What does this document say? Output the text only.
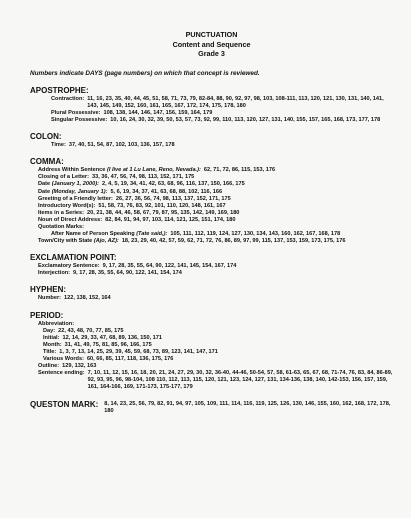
PUNCTUATION
Content and Sequence
Grade 3
Numbers indicate DAYS (page numbers) on which that concept is reviewed.
APOSTROPHE:
Contraction: 11, 16, 23, 35, 40, 44, 45, 51, 58, 71, 73, 79, 82-84, 88, 90, 92, 97, 98, 103, 108-111, 113, 120, 121, 130, 131, 140, 141, 143, 145, 149, 152, 160, 161, 165, 167, 172, 174, 175, 178, 180
Plural Possessive: 108, 138, 144, 146, 147, 156, 159, 164, 179
Singular Possessive: 10, 16, 24, 30, 32, 39, 50, 53, 57, 73, 92, 99, 110, 113, 120, 127, 131, 140, 155, 157, 165, 168, 173, 177, 178
COLON:
Time: 37, 40, 51, 54, 87, 102, 103, 136, 157, 178
COMMA:
Address Within Sentence (I live at 1 Lu Lane, Reno, Nevada.): 62, 71, 72, 86, 115, 153, 176
Closing of a Letter: 33, 36, 47, 56, 74, 98, 113, 152, 171, 175
Date (January 1, 2000): 2, 4, 5, 19, 34, 41, 42, 63, 68, 96, 116, 137, 150, 166, 175
Date (Monday, January 1): 5, 6, 19, 34, 37, 41, 63, 68, 88, 102, 116, 166
Greeting of a Friendly letter: 26, 27, 36, 56, 74, 98, 113, 137, 152, 171, 175
Introductory Word(s): 51, 58, 73, 76, 83, 92, 101, 110, 120, 148, 161, 167
Items in a Series: 20, 21, 38, 44, 46, 58, 67, 79, 87, 95, 135, 142, 149, 169, 180
Noun of Direct Address: 82, 84, 91, 94, 97, 103, 114, 121, 125, 151, 174, 180
Quotation Marks:
After Name of Person Speaking (Tate said,): 105, 111, 112, 119, 124, 127, 130, 134, 143, 160, 162, 167, 168, 178
Town/City with State (Ajo, AZ): 18, 23, 29, 40, 42, 57, 59, 62, 71, 72, 76, 86, 89, 97, 99, 115, 137, 153, 159, 173, 175, 176
EXCLAMATION POINT:
Exclamatory Sentence: 9, 17, 28, 35, 55, 64, 90, 122, 141, 145, 154, 167, 174
Interjection: 9, 17, 28, 35, 55, 64, 90, 122, 141, 154, 174
HYPHEN:
Number: 122, 138, 152, 164
PERIOD:
Abbreviation:
Day: 22, 43, 48, 70, 77, 85, 175
Initial: 12, 14, 29, 33, 47, 68, 89, 136, 150, 171
Month: 31, 41, 49, 75, 81, 85, 96, 166, 175
Title: 1, 3, 7, 13, 14, 25, 29, 39, 45, 59, 68, 73, 89, 123, 141, 147, 171
Various Words: 60, 66, 85, 117, 118, 136, 175, 176
Outline: 129, 132, 163
Sentence ending: 7, 10, 11, 12, 15, 16, 18, 20, 21, 24, 27, 29, 30, 32, 36-40, 44-46, 50-54, 57, 58, 61-63, 65, 67, 68, 71-74, 76, 83, 84, 86-89, 92, 93, 95, 96, 98-104, 108 110, 112, 113, 115, 120, 121, 123, 124, 127, 131, 134-136, 138, 140, 142-153, 156, 157, 159, 161, 164-166, 169, 171-173, 175-177, 179
QUESTON MARK: 8, 14, 23, 25, 56, 79, 82, 91, 94, 97, 105, 109, 111, 114, 116, 119, 125, 126, 130, 146, 155, 160, 162, 168, 172, 178, 180
